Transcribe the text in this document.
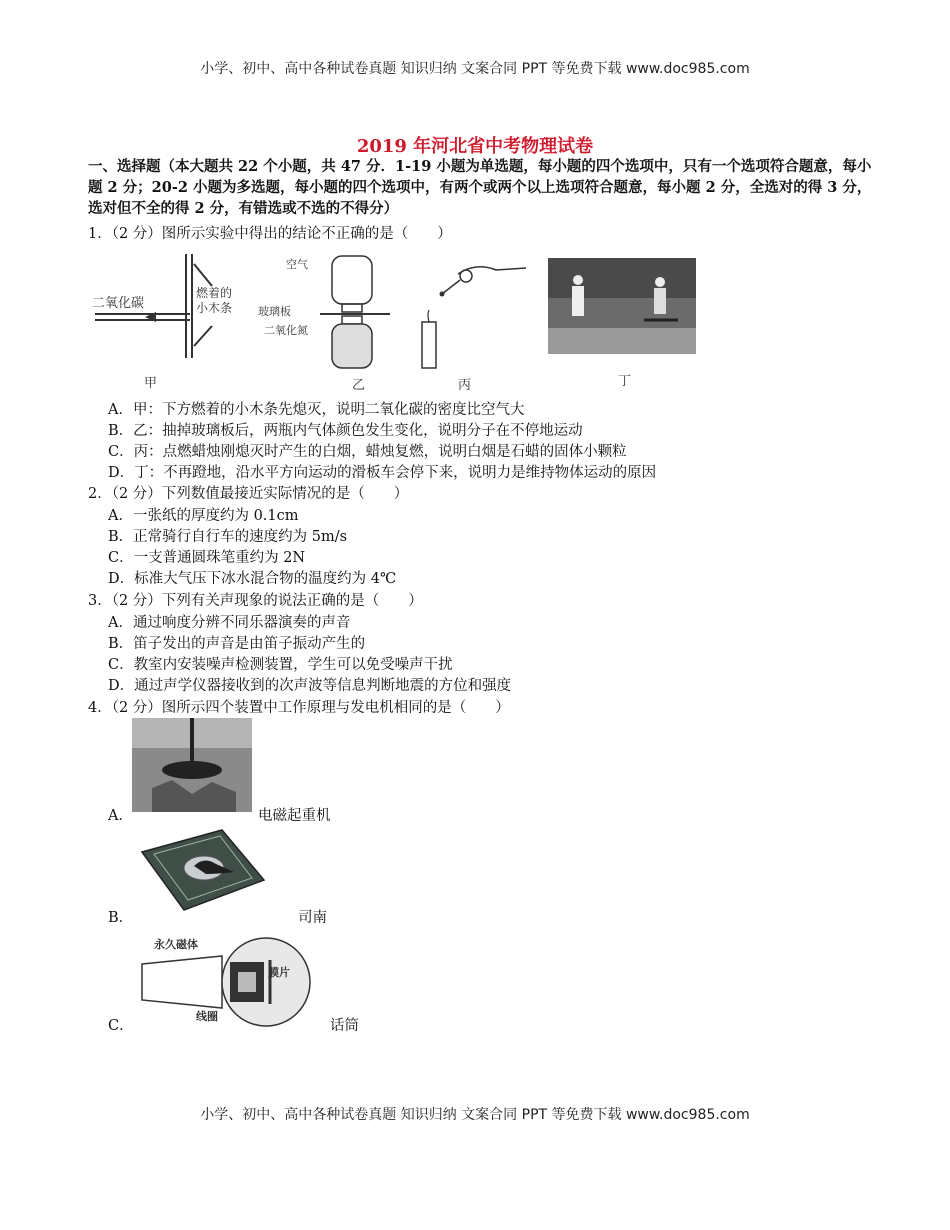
小学、初中、高中各种试卷真题 知识归纳 文案合同 PPT 等免费下载 www.doc985.com
2019 年河北省中考物理试卷
一、选择题（本大题共 22 个小题，共 47 分．1-19 小题为单选题，每小题的四个选项中，只有一个选项符合题意，每小题 2 分；20-2 小题为多选题，每小题的四个选项中，有两个或两个以上选项符合题意，每小题 2 分，全选对的得 3 分，选对但不全的得 2 分，有错选或不选的不得分）
1．（2 分）图所示实验中得出的结论不正确的是（　　）
二氧化碳
燃着的小木条
甲
空气
玻璃板
二氧化氮
乙	丙	丁
A．甲：下方燃着的小木条先熄灭，说明二氧化碳的密度比空气大
B．乙：抽掉玻璃板后，两瓶内气体颜色发生变化，说明分子在不停地运动
C．丙：点燃蜡烛刚熄灭时产生的白烟，蜡烛复燃，说明白烟是石蜡的固体小颗粒
D．丁：不再蹬地，沿水平方向运动的滑板车会停下来，说明力是维持物体运动的原因
2．（2 分）下列数值最接近实际情况的是（　　）
A．一张纸的厚度约为 0.1cm
B．正常骑行自行车的速度约为 5m/s
C．一支普通圆珠笔重约为 2N
D．标准大气压下冰水混合物的温度约为 4℃
3．（2 分）下列有关声现象的说法正确的是（　　）
A．通过响度分辨不同乐器演奏的声音
B．笛子发出的声音是由笛子振动产生的
C．教室内安装噪声检测装置，学生可以免受噪声干扰
D．通过声学仪器接收到的次声波等信息判断地震的方位和强度
4．（2 分）图所示四个装置中工作原理与发电机相同的是（　　）
A．	电磁起重机
B．	司南
永久磁体
膜片
线圈
C．	话筒
小学、初中、高中各种试卷真题 知识归纳 文案合同 PPT 等免费下载 www.doc985.com
